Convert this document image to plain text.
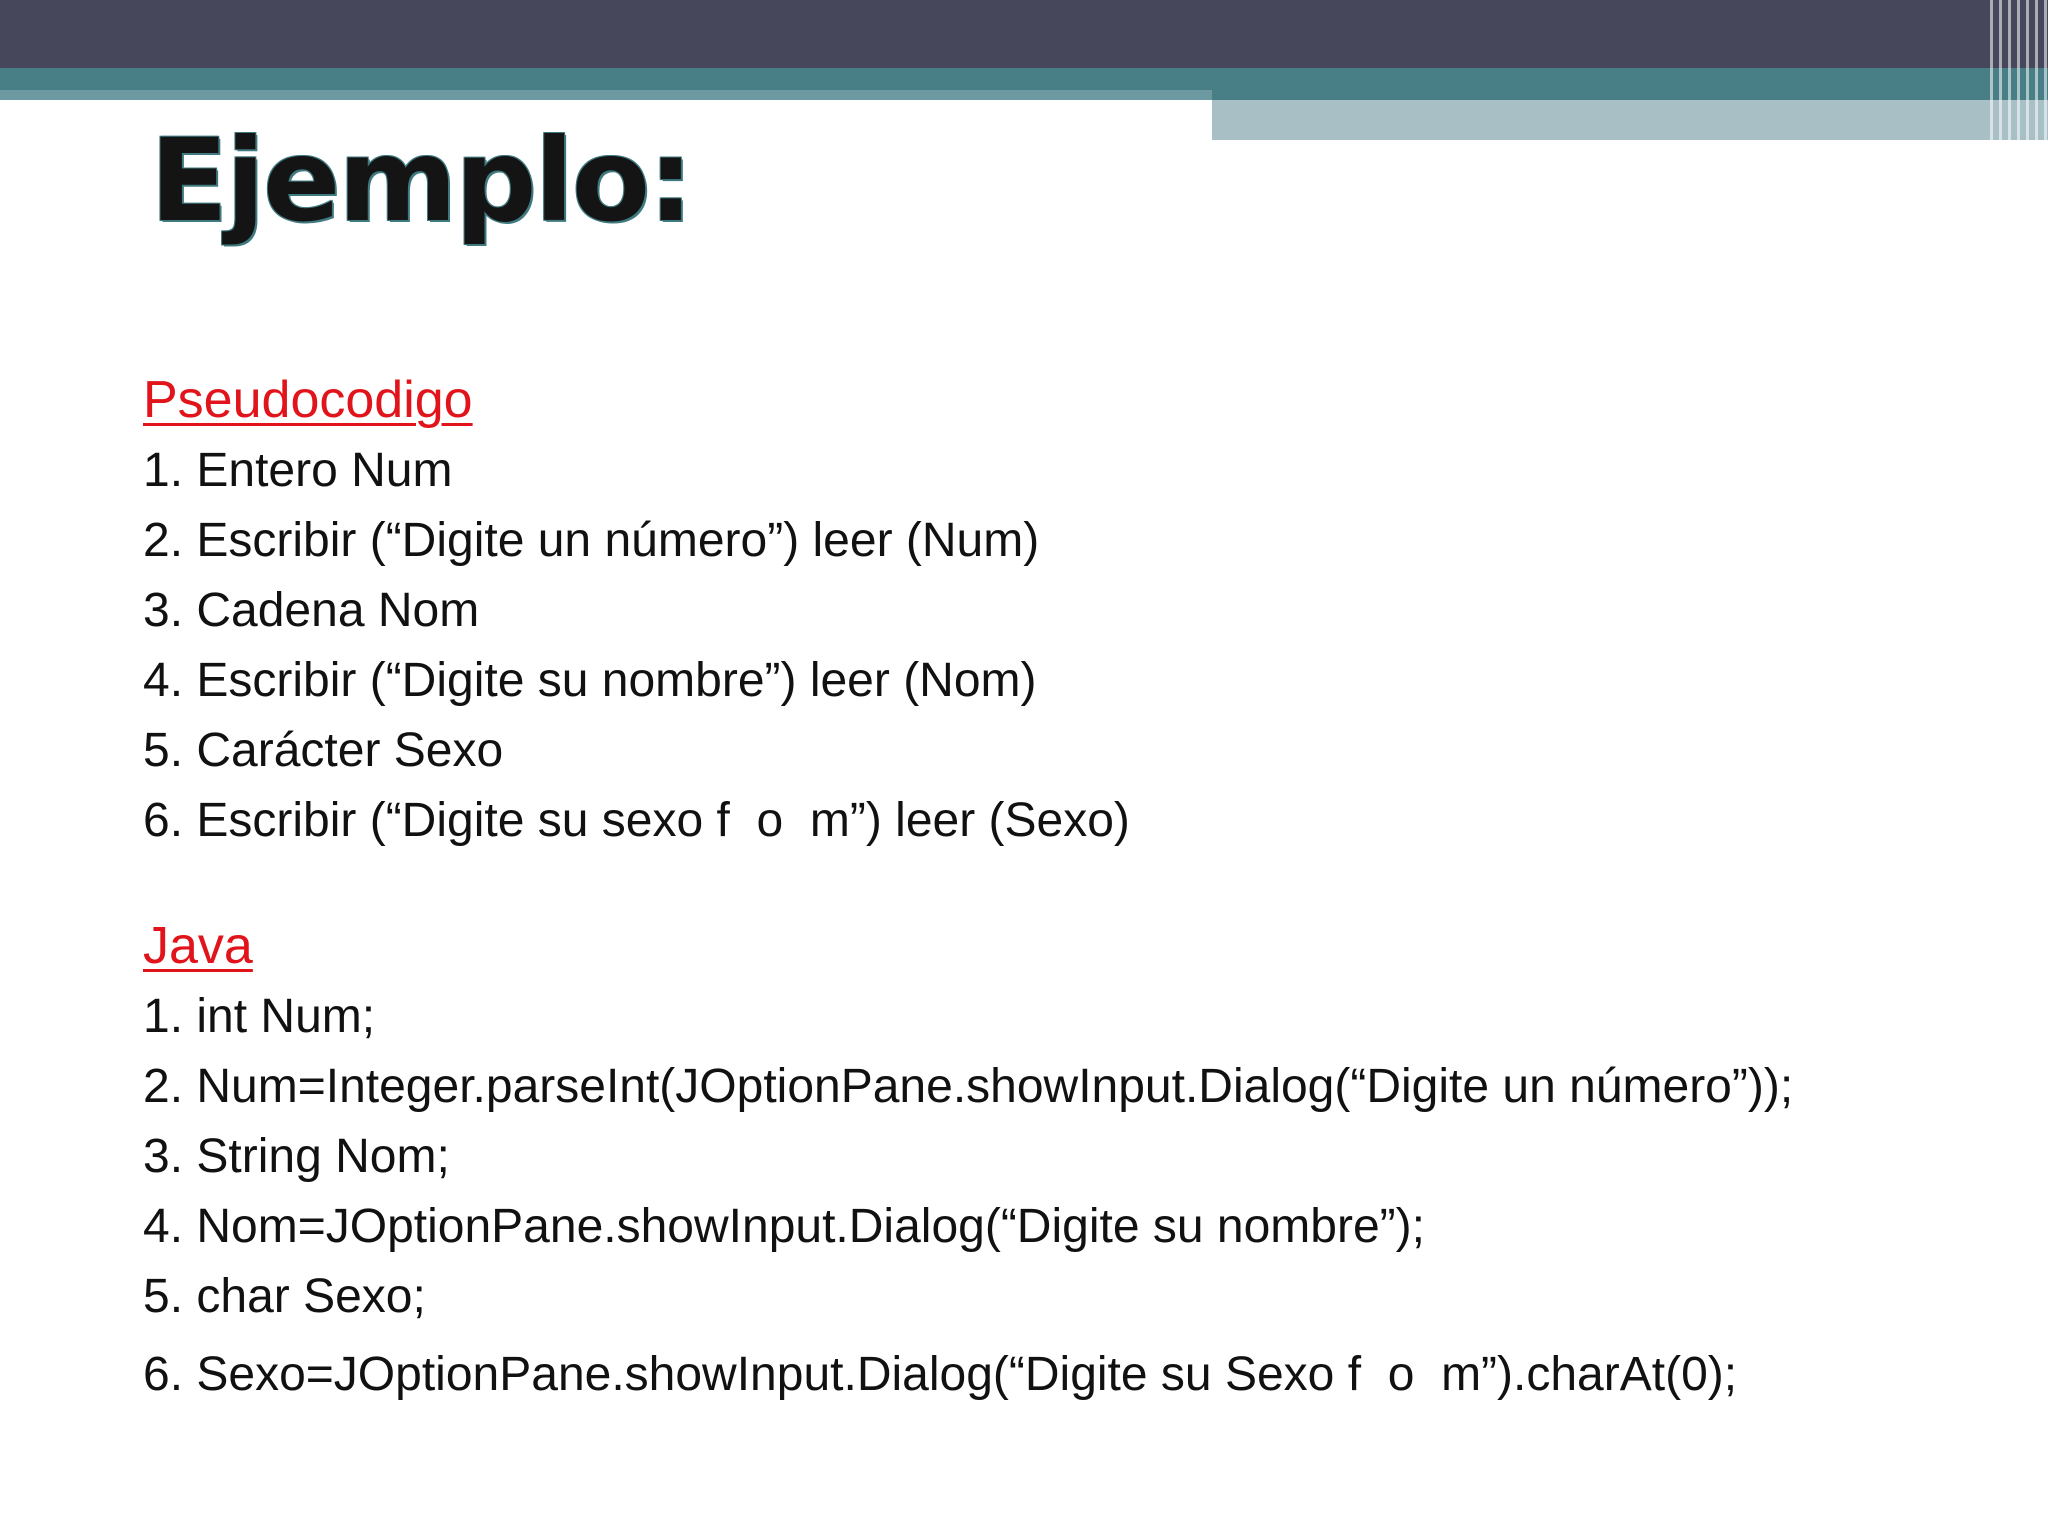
Ejemplo:
Pseudocodigo
1. Entero Num
2. Escribir (“Digite un número”) leer (Num)
3. Cadena Nom
4. Escribir (“Digite su nombre”) leer (Nom)
5. Carácter Sexo
6. Escribir (“Digite su sexo f  o  m”) leer (Sexo)
Java
1. int Num;
2. Num=Integer.parseInt(JOptionPane.showInput.Dialog(“Digite un número”));
3. String Nom;
4. Nom=JOptionPane.showInput.Dialog(“Digite su nombre”);
5. char Sexo;
6. Sexo=JOptionPane.showInput.Dialog(“Digite su Sexo f  o  m”).charAt(0);
